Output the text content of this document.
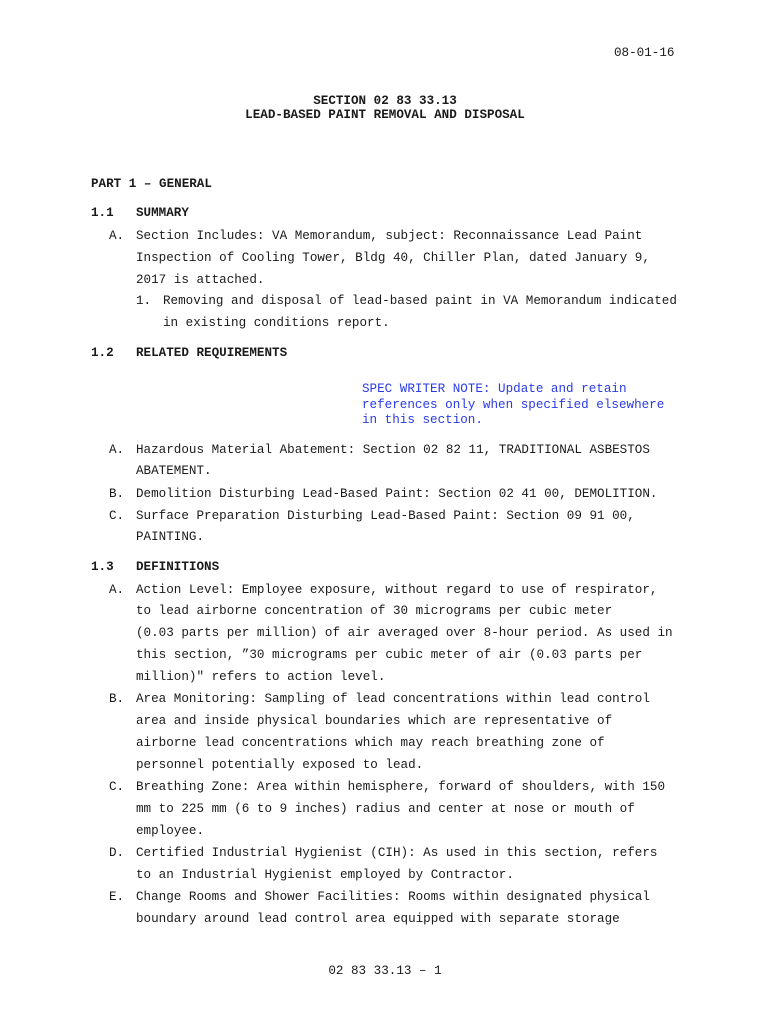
08-01-16
SECTION 02 83 33.13
LEAD-BASED PAINT REMOVAL AND DISPOSAL
PART 1 – GENERAL
1.1 SUMMARY
A. Section Includes: VA Memorandum, subject: Reconnaissance Lead Paint
Inspection of Cooling Tower, Bldg 40, Chiller Plan, dated January 9,
2017 is attached.
1. Removing and disposal of lead-based paint in VA Memorandum indicated
in existing conditions report.
1.2 RELATED REQUIREMENTS
SPEC WRITER NOTE: Update and retain
references only when specified elsewhere
in this section.
A. Hazardous Material Abatement: Section 02 82 11, TRADITIONAL ASBESTOS
ABATEMENT.
B. Demolition Disturbing Lead-Based Paint: Section 02 41 00, DEMOLITION.
C. Surface Preparation Disturbing Lead-Based Paint: Section 09 91 00,
PAINTING.
1.3 DEFINITIONS
A. Action Level: Employee exposure, without regard to use of respirator,
to lead airborne concentration of 30 micrograms per cubic meter
(0.03 parts per million) of air averaged over 8-hour period. As used in
this section, ”30 micrograms per cubic meter of air (0.03 parts per
million)" refers to action level.
B. Area Monitoring: Sampling of lead concentrations within lead control
area and inside physical boundaries which are representative of
airborne lead concentrations which may reach breathing zone of
personnel potentially exposed to lead.
C. Breathing Zone: Area within hemisphere, forward of shoulders, with 150
mm to 225 mm (6 to 9 inches) radius and center at nose or mouth of
employee.
D. Certified Industrial Hygienist (CIH): As used in this section, refers
to an Industrial Hygienist employed by Contractor.
E. Change Rooms and Shower Facilities: Rooms within designated physical
boundary around lead control area equipped with separate storage
02 83 33.13 – 1
